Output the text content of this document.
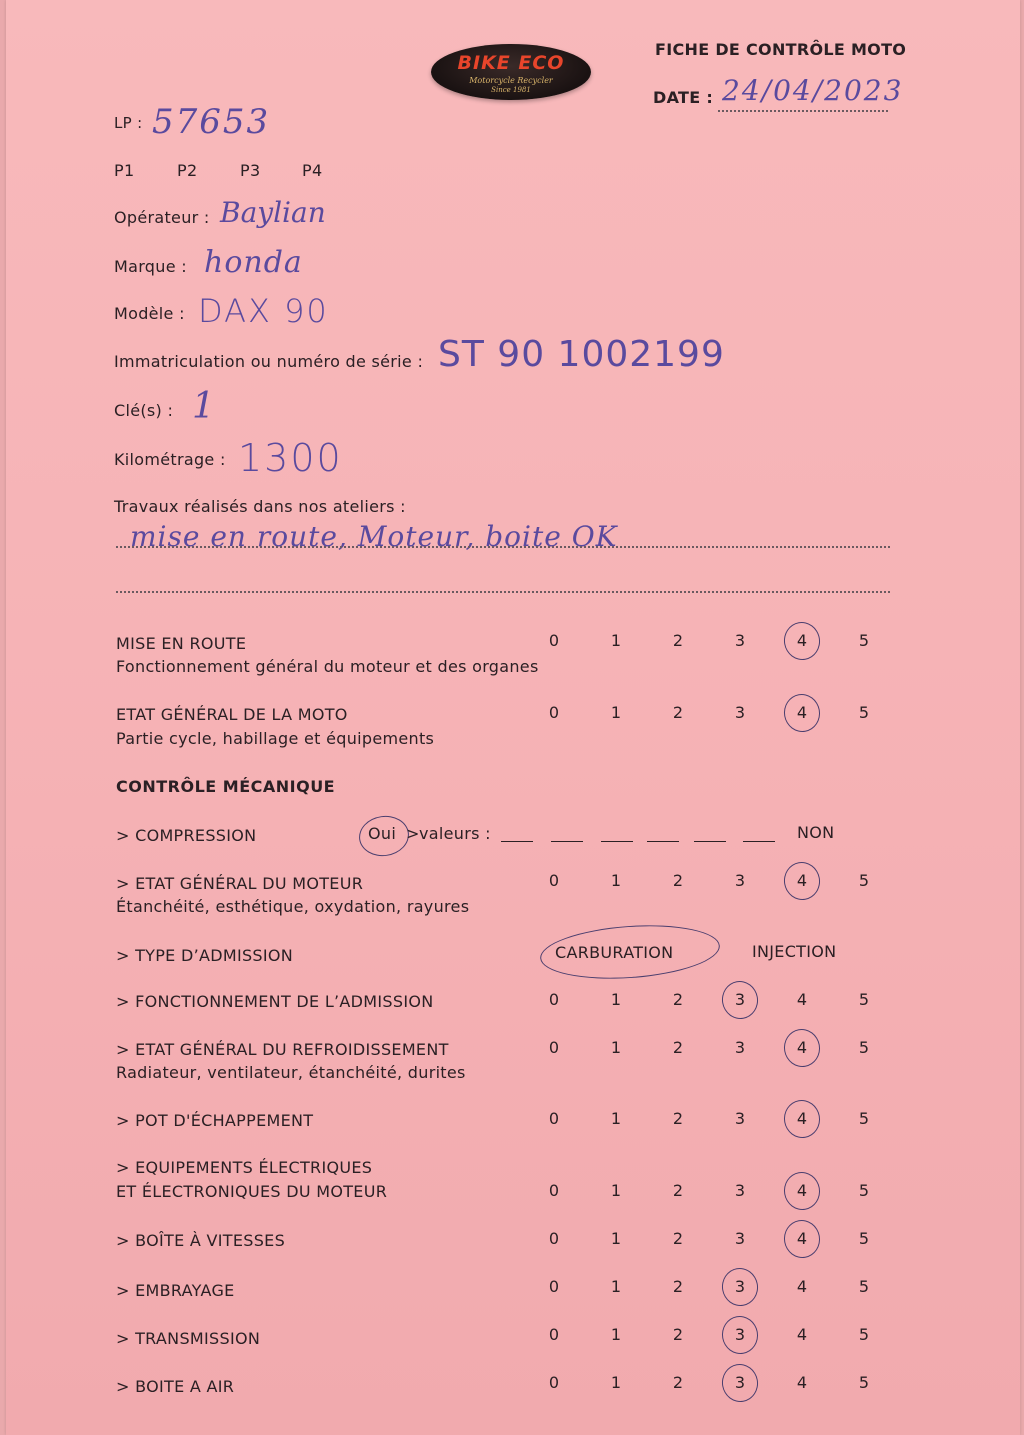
BIKE ECO
Motorcycle Recycler
Since 1981
FICHE DE CONTRÔLE MOTO
DATE : 24/04/2023
LP : 57653
P1	P2	P3	P4
Opérateur : Baylian
Marque : honda
Modèle : DAX 90
Immatriculation ou numéro de série : ST 90 1002199
Clé(s) : 1
Kilométrage : 1300
Travaux réalisés dans nos ateliers :
mise en route, Moteur, boite OK
MISE EN ROUTE
Fonctionnement général du moteur et des organes
0	1	2	3	4	5
ETAT GÉNÉRAL DE LA MOTO
Partie cycle, habillage et équipements
0	1	2	3	4	5
CONTRÔLE MÉCANIQUE
> COMPRESSION	Oui > valeurs :	NON
> ETAT GÉNÉRAL DU MOTEUR
Étanchéité, esthétique, oxydation, rayures
0	1	2	3	4	5
> TYPE D’ADMISSION	CARBURATION	INJECTION
> FONCTIONNEMENT DE L’ADMISSION	0	1	2	3	4	5
> ETAT GÉNÉRAL DU REFROIDISSEMENT
Radiateur, ventilateur, étanchéité, durites
0	1	2	3	4	5
> POT D'ÉCHAPPEMENT	0	1	2	3	4	5
> EQUIPEMENTS ÉLECTRIQUES
ET ÉLECTRONIQUES DU MOTEUR	0	1	2	3	4	5
> BOÎTE À VITESSES	0	1	2	3	4	5
> EMBRAYAGE	0	1	2	3	4	5
> TRANSMISSION	0	1	2	3	4	5
> BOITE A AIR	0	1	2	3	4	5
